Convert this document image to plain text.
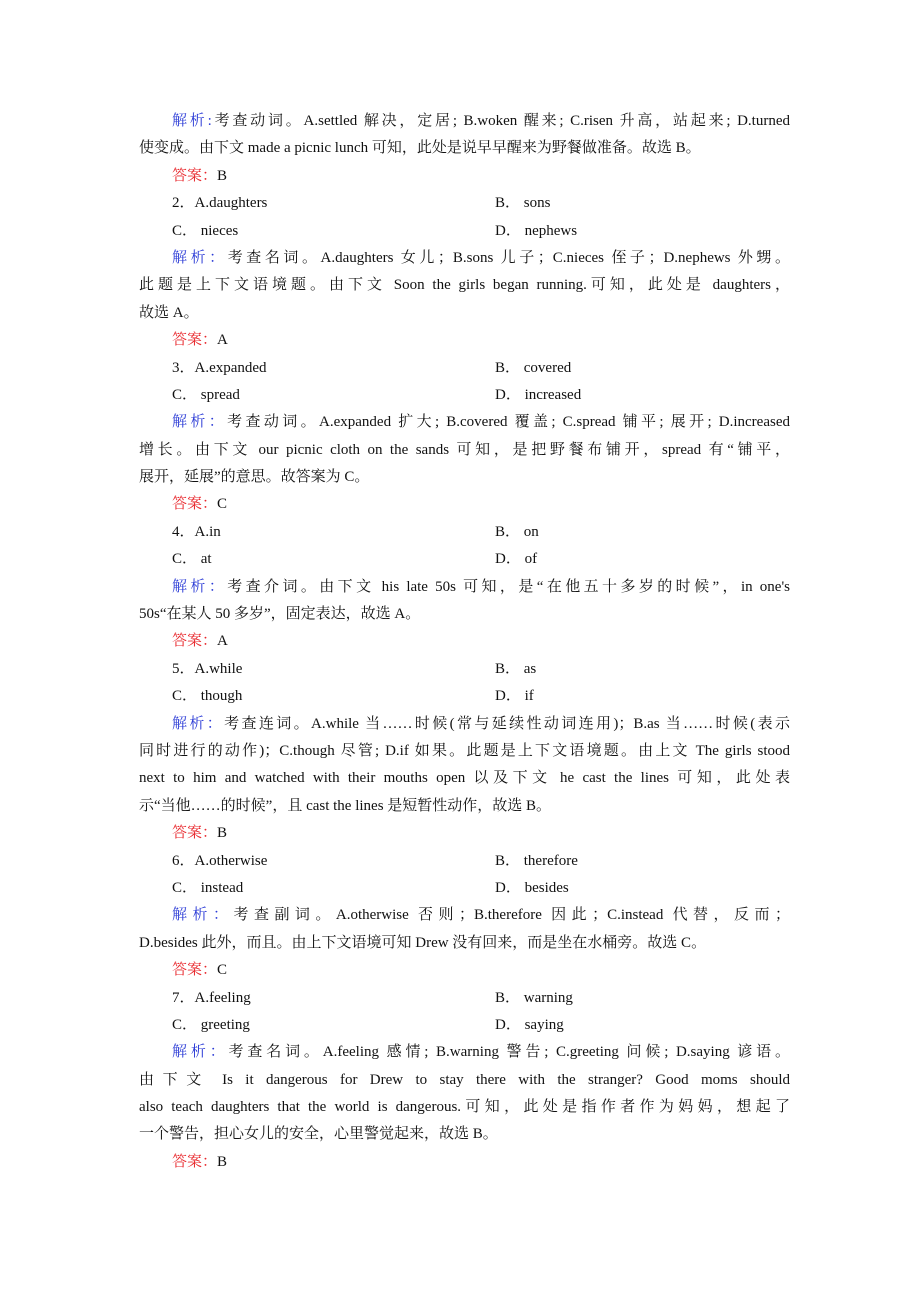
解析:考查动词。A.settled 解决，定居; B.woken 醒来; C.risen 升高，站起来; D.turned
使变成。由下文 made a picnic lunch 可知，此处是说早早醒来为野餐做准备。故选 B。
答案：B
2．A.daughters	B． sons
C． nieces	D． nephews
解析：考查名词。A.daughters 女儿；B.sons 儿子；C.nieces 侄子；D.nephews 外甥。
此题是上下文语境题。由下文 Soon the girls began running.可知，此处是 daughters，
故选 A。
答案：A
3．A.expanded	B． covered
C． spread	D． increased
解析：考查动词。A.expanded 扩大; B.covered 覆盖; C.spread 铺平; 展开; D.increased
增长。由下文 our picnic cloth on the sands 可知，是把野餐布铺开，spread 有“铺平，
展开，延展”的意思。故答案为 C。
答案：C
4．A.in	B． on
C． at	D． of
解析：考查介词。由下文 his late 50s 可知，是“在他五十多岁的时候”，in one's
50s“在某人 50 多岁”，固定表达，故选 A。
答案：A
5．A.while	B． as
C． though	D． if
解析：考查连词。A.while 当……时候(常与延续性动词连用)；B.as 当……时候(表示
同时进行的动作)；C.though 尽管; D.if 如果。此题是上下文语境题。由上文 The girls stood
next to him and watched with their mouths open 以及下文 he cast the lines 可知，此处表
示“当他……的时候”，且 cast the lines 是短暂性动作，故选 B。
答案：B
6．A.otherwise	B． therefore
C． instead	D． besides
解析：考查副词。A.otherwise 否则；B.therefore 因此；C.instead 代替，反而；
D.besides 此外，而且。由上下文语境可知 Drew 没有回来，而是坐在水桶旁。故选 C。
答案：C
7．A.feeling	B． warning
C． greeting	D． saying
解析：考查名词。A.feeling 感情; B.warning 警告; C.greeting 问候; D.saying 谚语。
由下文 Is it dangerous for Drew to stay there with the stranger? Good moms should
also teach daughters that the world is dangerous.可知，此处是指作者作为妈妈，想起了
一个警告，担心女儿的安全，心里警觉起来，故选 B。
答案：B
